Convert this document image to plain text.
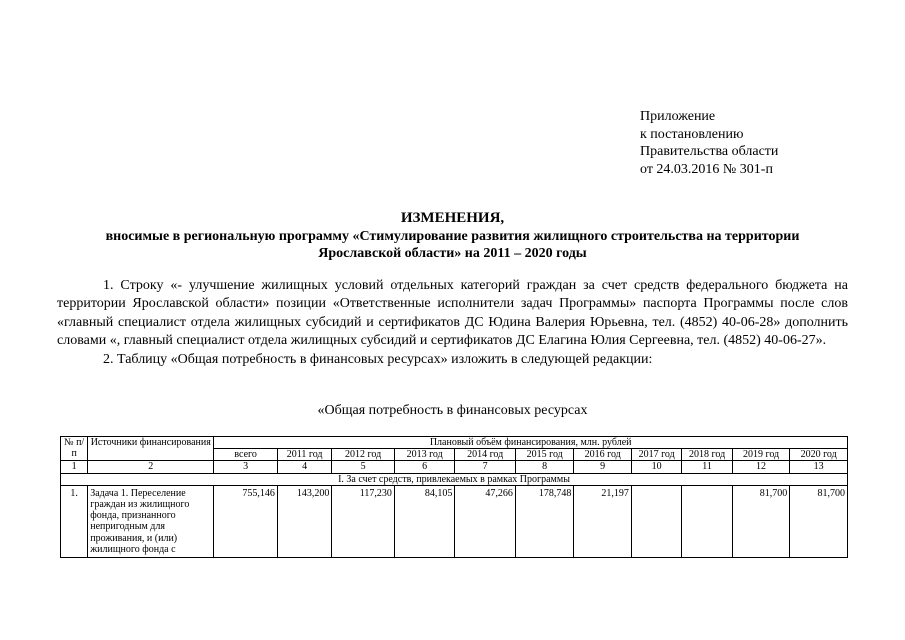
Приложение
к постановлению
Правительства области
от 24.03.2016 № 301-п
ИЗМЕНЕНИЯ,
вносимые в региональную программу «Стимулирование развития жилищного строительства на территории
Ярославской области» на 2011 – 2020 годы

1. Строку «- улучшение жилищных условий отдельных категорий граждан за счет средств федерального бюджета на территории Ярославской области» позиции «Ответственные исполнители задач Программы» паспорта Программы после слов «главный специалист отдела жилищных субсидий и сертификатов ДС Юдина Валерия Юрьевна, тел. (4852) 40-06-28» дополнить словами «, главный специалист отдела жилищных субсидий и сертификатов ДС Елагина Юлия Сергеевна, тел. (4852) 40-06-27».

2. Таблицу «Общая потребность в финансовых ресурсах» изложить в следующей редакции:

«Общая потребность в финансовых ресурсах
№ п/п	Источники финансирования	Плановый объём финансирования, млн. рублей										
		всего	2011 год	2012 год	2013 год	2014 год	2015 год	2016 год	2017 год	2018 год	2019 год	2020 год
1	2	3	4	5	6	7	8	9	10	11	12	13
I. За счет средств, привлекаемых в рамках Программы												
1.	Задача 1. Переселение граждан из жилищного фонда, признанного непригодным для проживания, и (или) жилищного фонда с	755,146	143,200	117,230	84,105	47,266	178,748	21,197			81,700	81,700
